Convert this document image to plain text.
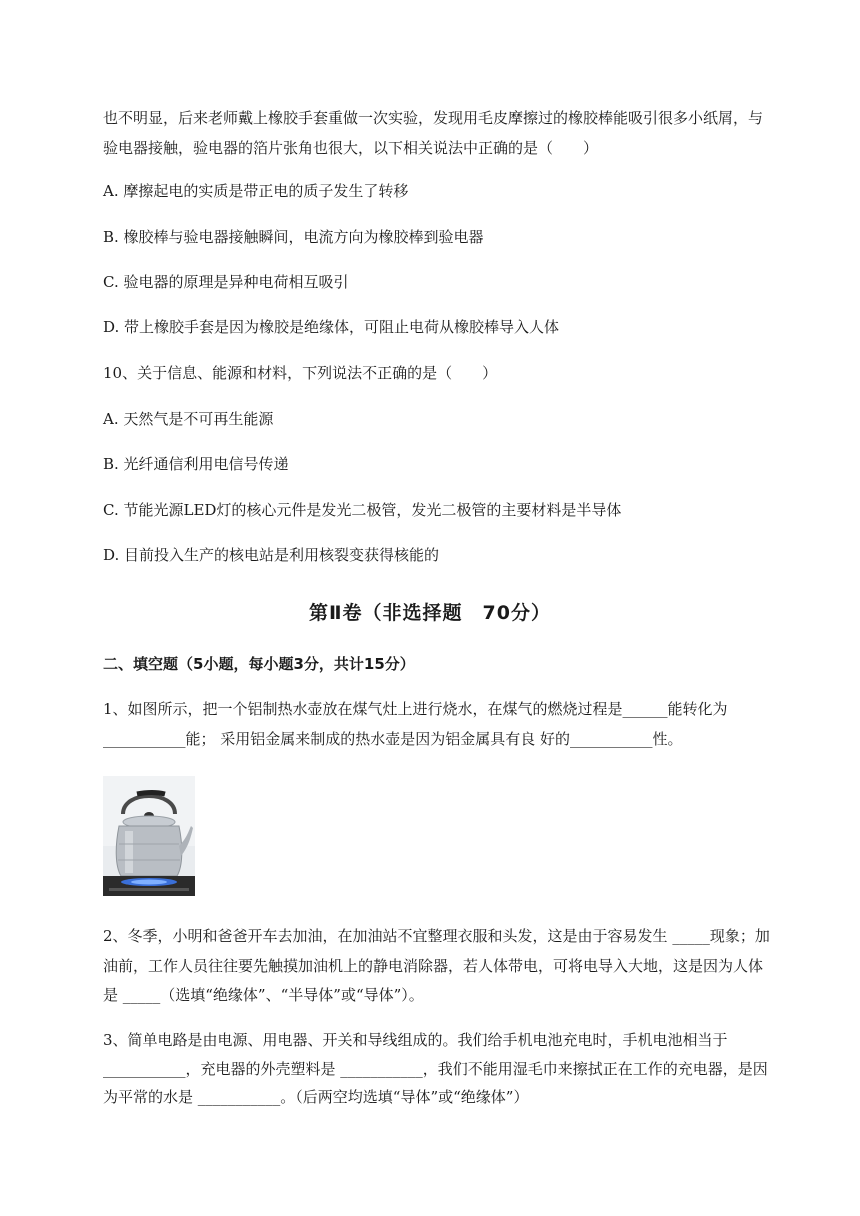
也不明显，后来老师戴上橡胶手套重做一次实验，发现用毛皮摩擦过的橡胶棒能吸引很多小纸屑，与
验电器接触，验电器的箔片张角也很大，以下相关说法中正确的是（　　）
A. 摩擦起电的实质是带正电的质子发生了转移
B. 橡胶棒与验电器接触瞬间，电流方向为橡胶棒到验电器
C. 验电器的原理是异种电荷相互吸引
D. 带上橡胶手套是因为橡胶是绝缘体，可阻止电荷从橡胶棒导入人体
10、关于信息、能源和材料，下列说法不正确的是（　　）
A. 天然气是不可再生能源
B. 光纤通信利用电信号传递
C. 节能光源LED灯的核心元件是发光二极管，发光二极管的主要材料是半导体
D. 目前投入生产的核电站是利用核裂变获得核能的
第Ⅱ卷（非选择题　70分）
二、填空题（5小题，每小题3分，共计15分）
1、如图所示，把一个铝制热水壶放在煤气灶上进行烧水，在煤气的燃烧过程是______能转化为
___________能； 采用铝金属来制成的热水壶是因为铝金属具有良 好的___________性。
2、冬季，小明和爸爸开车去加油，在加油站不宜整理衣服和头发，这是由于容易发生 _____现象；加
油前，工作人员往往要先触摸加油机上的静电消除器，若人体带电，可将电导入大地，这是因为人体
是 _____（选填“绝缘体”、“半导体”或“导体”）。
3、简单电路是由电源、用电器、开关和导线组成的。我们给手机电池充电时，手机电池相当于
___________，充电器的外壳塑料是 ___________，我们不能用湿毛巾来擦拭正在工作的充电器，是因
为平常的水是 ___________。（后两空均选填“导体”或“绝缘体”）
